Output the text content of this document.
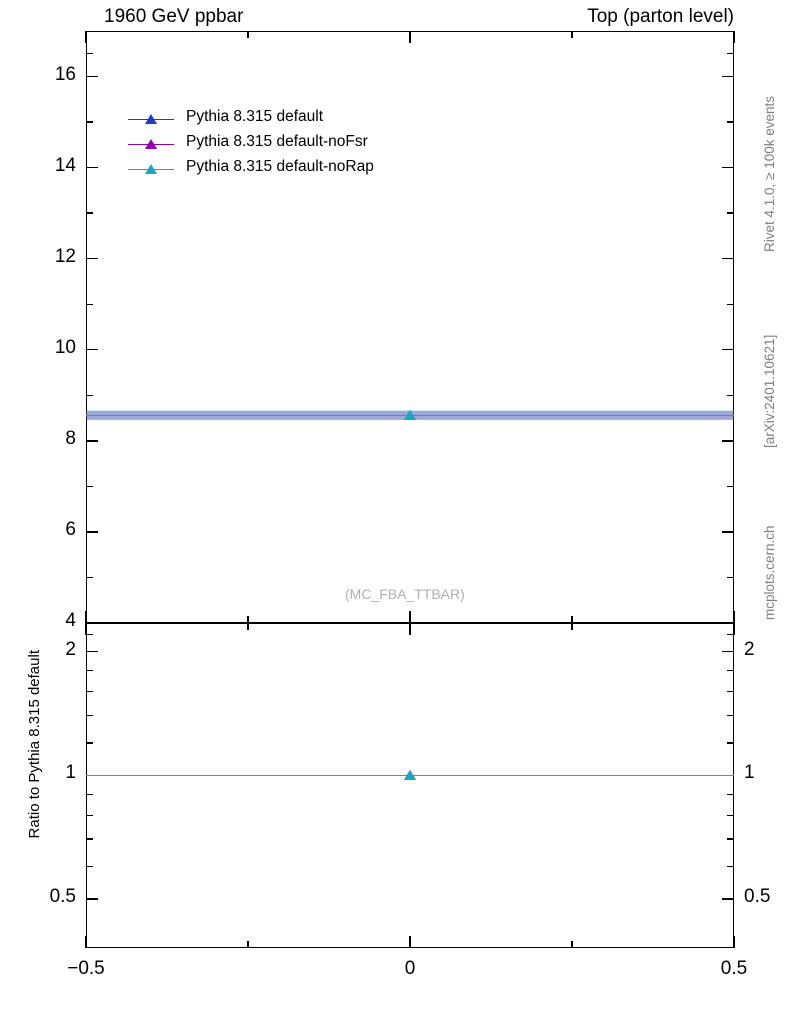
1960 GeV ppbar	Top (parton level)
Rivet 4.1.0, ≥ 100k events
[arXiv:2401.10621]
mcplots.cern.ch
4
6
8
10
12
14
16
Pythia 8.315 default
Pythia 8.315 default-noFsr
Pythia 8.315 default-noRap
(MC_FBA_TTBAR)
Ratio to Pythia 8.315 default
0.5
1
2
0.5
1
2
−0.5	0	0.5
